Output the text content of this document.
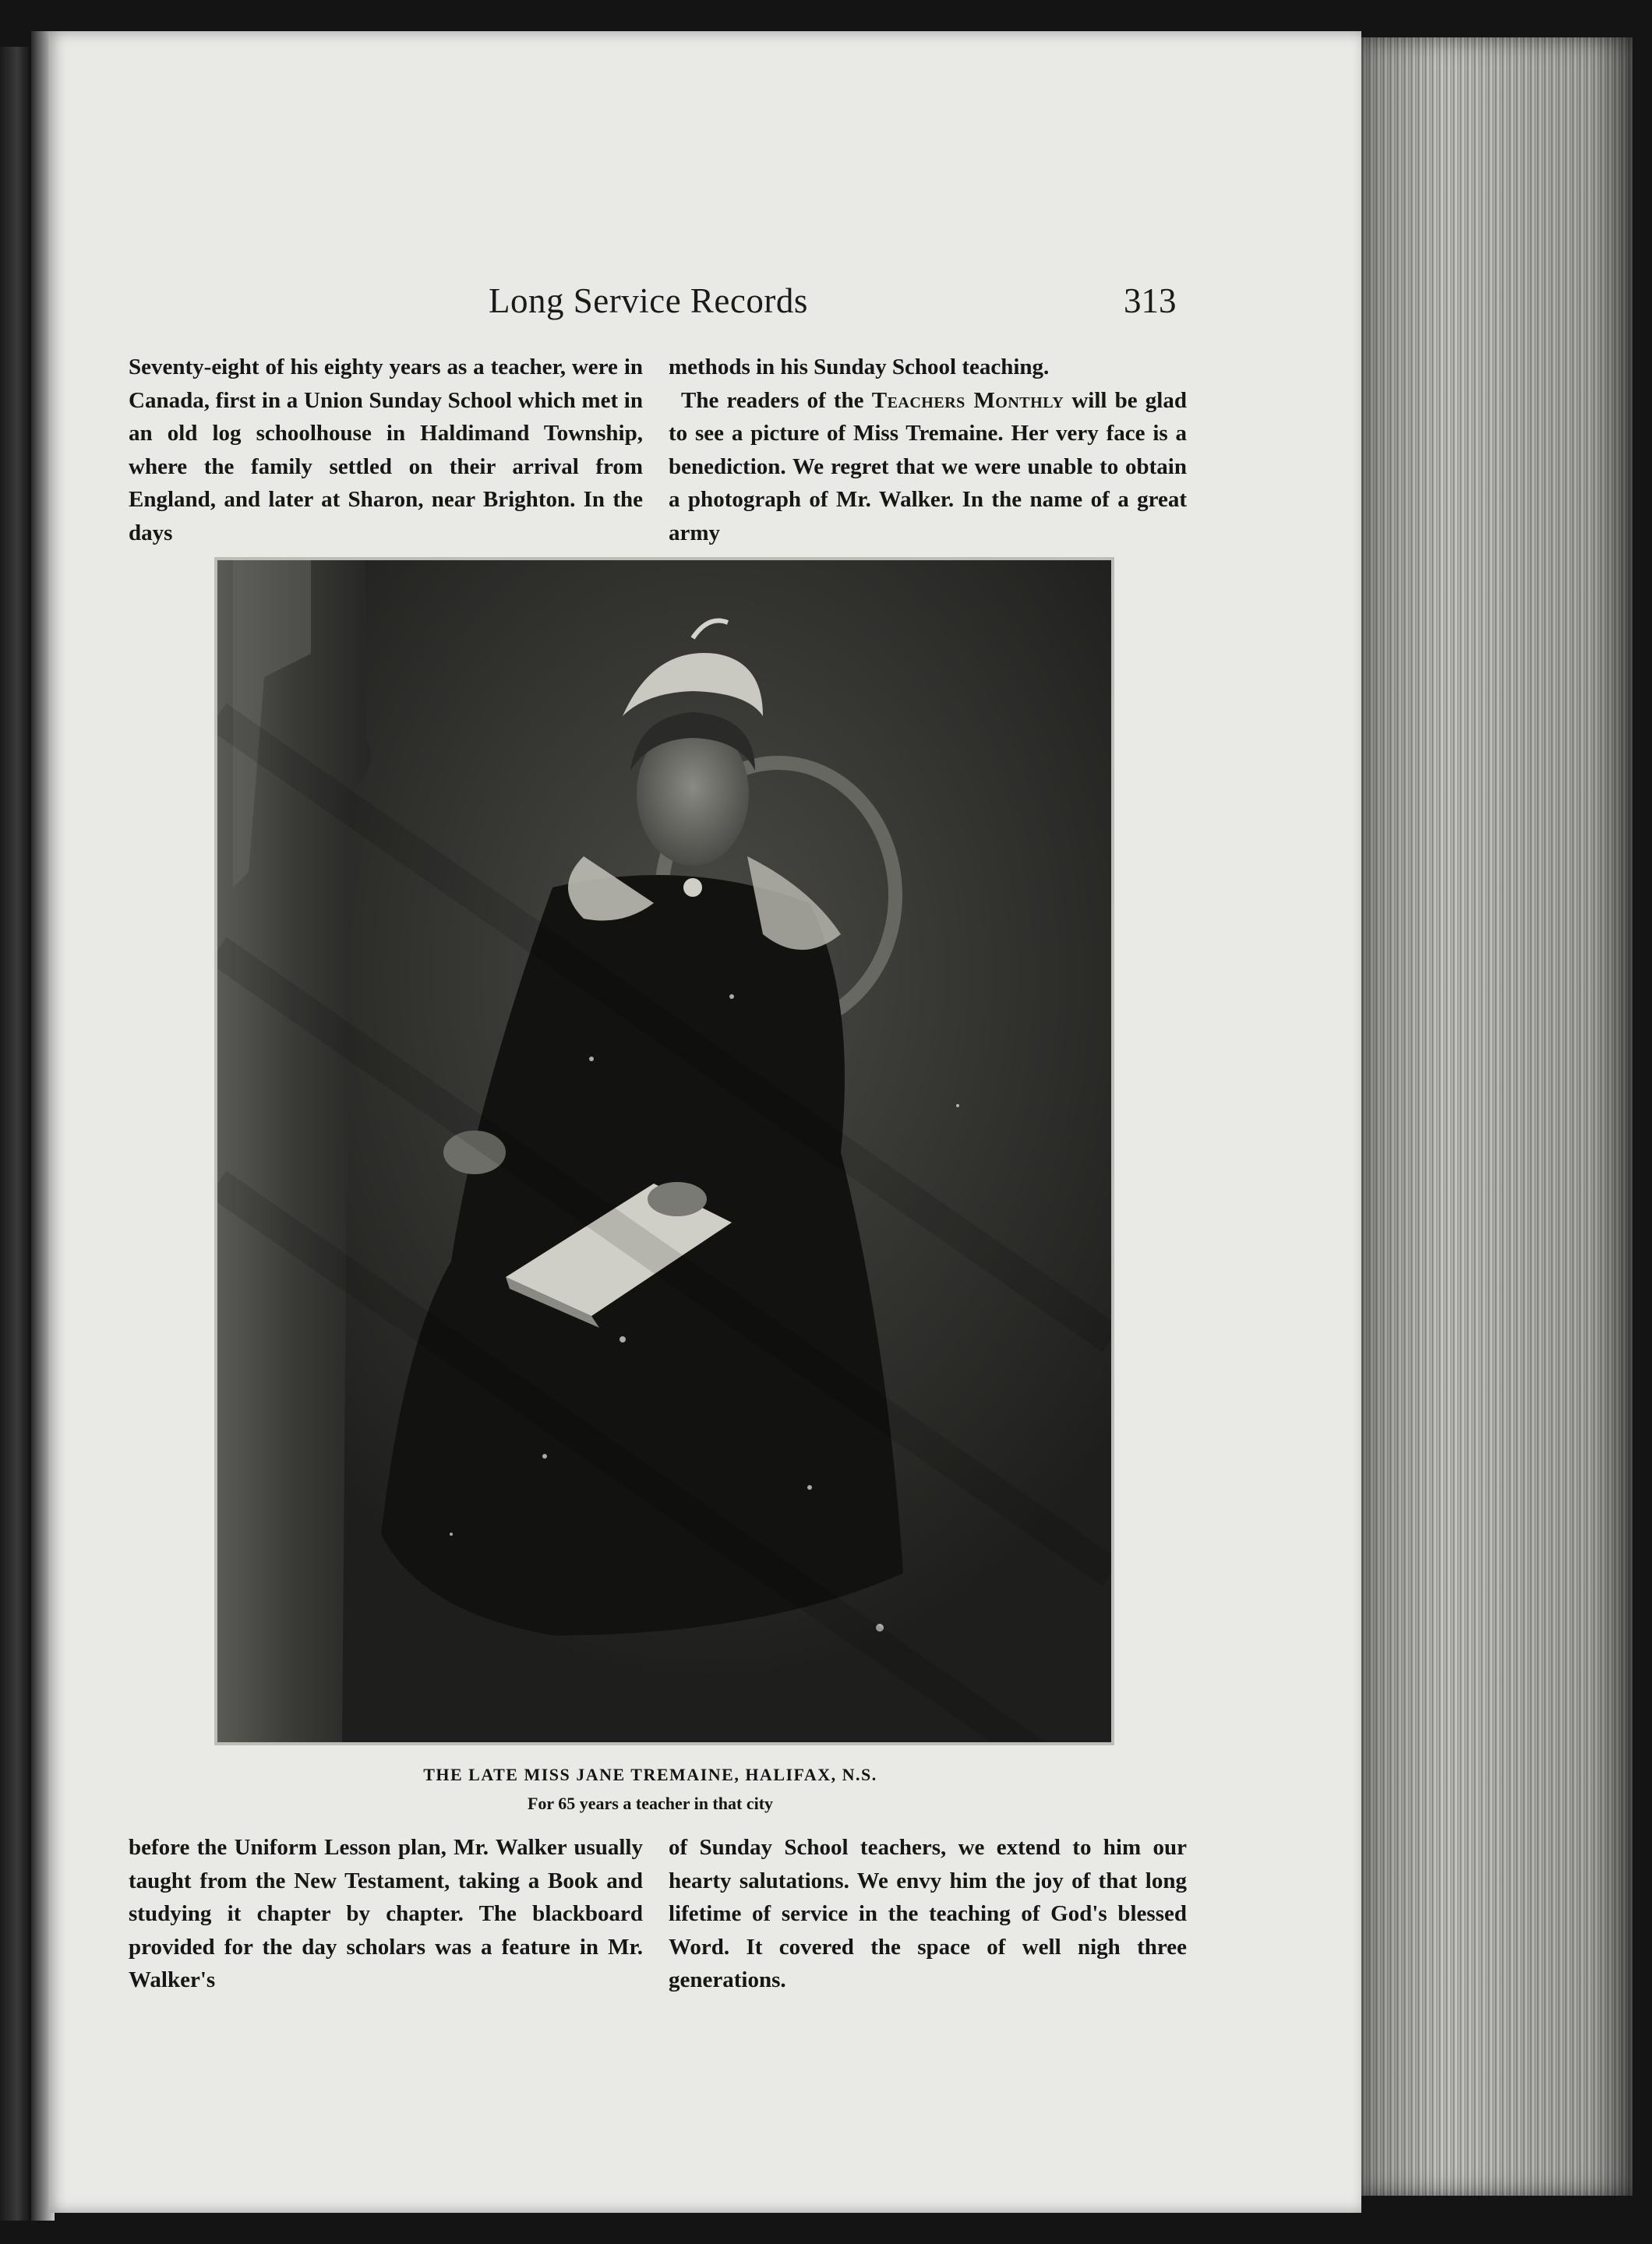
Long Service Records	313

Seventy-eight of his eighty years as a teacher, were in Canada, first in a Union Sunday School which met in an old log schoolhouse in Haldimand Township, where the family settled on their arrival from England, and later at Sharon, near Brighton. In the days

methods in his Sunday School teaching.

The readers of the Teachers Monthly will be glad to see a picture of Miss Tremaine. Her very face is a benediction. We regret that we were unable to obtain a photograph of Mr. Walker. In the name of a great army

THE LATE MISS JANE TREMAINE, HALIFAX, N.S.
For 65 years a teacher in that city

before the Uniform Lesson plan, Mr. Walker usually taught from the New Testament, taking a Book and studying it chapter by chapter. The blackboard provided for the day scholars was a feature in Mr. Walker's

of Sunday School teachers, we extend to him our hearty salutations. We envy him the joy of that long lifetime of service in the teaching of God's blessed Word. It covered the space of well nigh three generations.
